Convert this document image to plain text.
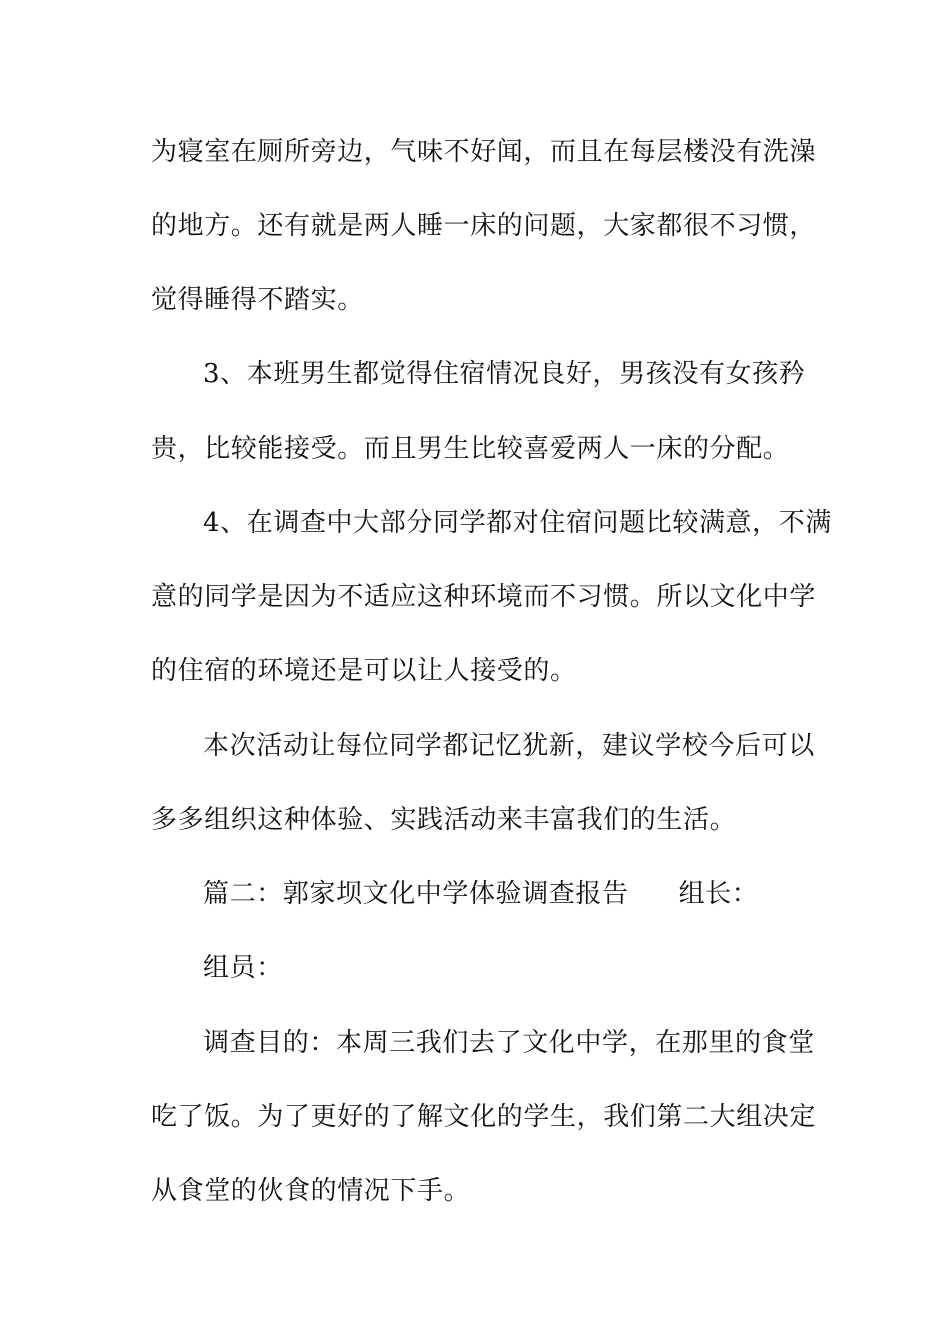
为寝室在厕所旁边，气味不好闻，而且在每层楼没有洗澡
的地方。还有就是两人睡一床的问题，大家都很不习惯，
觉得睡得不踏实。
3、本班男生都觉得住宿情况良好，男孩没有女孩矜
贵，比较能接受。而且男生比较喜爱两人一床的分配。
4、在调查中大部分同学都对住宿问题比较满意，不满
意的同学是因为不适应这种环境而不习惯。所以文化中学
的住宿的环境还是可以让人接受的。
本次活动让每位同学都记忆犹新，建议学校今后可以
多多组织这种体验、实践活动来丰富我们的生活。
篇二：郭家坝文化中学体验调查报告 组长：
组员：
调查目的：本周三我们去了文化中学，在那里的食堂
吃了饭。为了更好的了解文化的学生，我们第二大组决定
从食堂的伙食的情况下手。
